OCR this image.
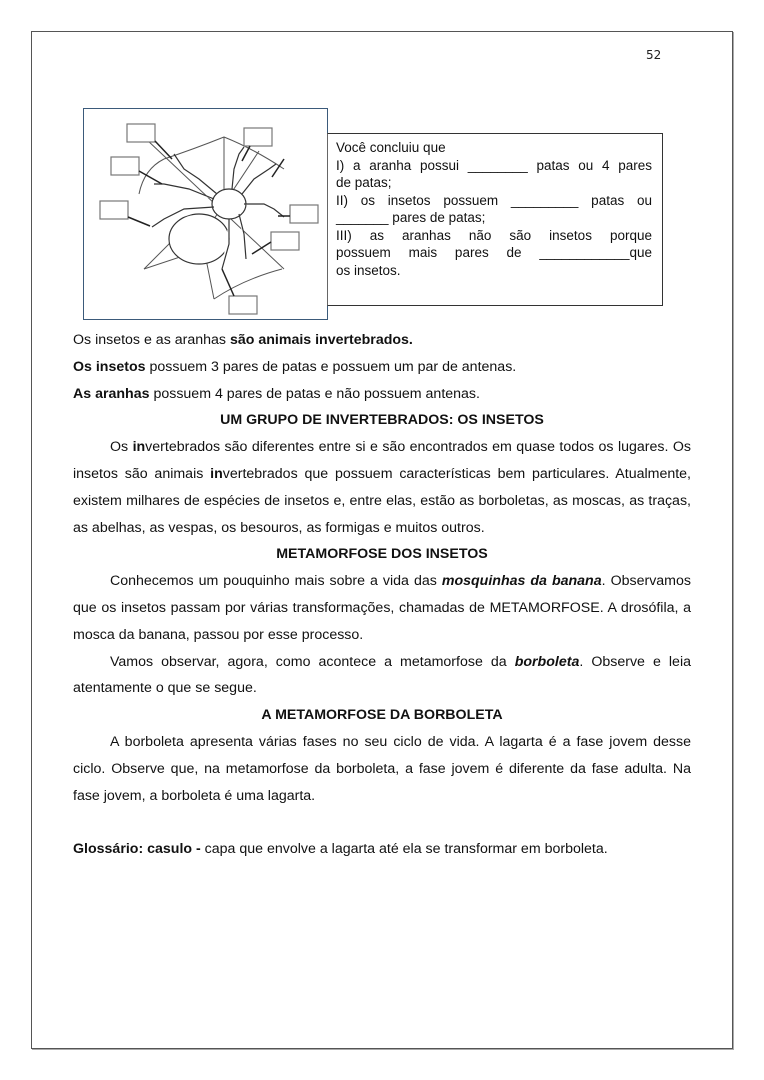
52
Você concluiu que
I) a aranha possui ________ patas ou 4 pares
de patas;
II) os insetos possuem _________ patas ou
_______ pares de patas;
III) as aranhas não são insetos porque
possuem mais pares de ____________que
os insetos.

Os insetos e as aranhas são animais invertebrados.

Os insetos possuem 3 pares de patas e possuem um par de antenas.

As aranhas possuem 4 pares de patas e não possuem antenas.

UM GRUPO DE INVERTEBRADOS: OS INSETOS

Os invertebrados são diferentes entre si e são encontrados em quase todos os lugares. Os insetos são animais invertebrados que possuem características bem particulares. Atualmente, existem milhares de espécies de insetos e, entre elas, estão as borboletas, as moscas, as traças, as abelhas, as vespas, os besouros, as formigas e muitos outros.

METAMORFOSE DOS INSETOS

Conhecemos um pouquinho mais sobre a vida das mosquinhas da banana. Observamos que os insetos passam por várias transformações, chamadas de METAMORFOSE. A drosófila, a mosca da banana, passou por esse processo.

Vamos observar, agora, como acontece a metamorfose da borboleta. Observe e leia atentamente o que se segue.

A METAMORFOSE DA BORBOLETA

A borboleta apresenta várias fases no seu ciclo de vida. A lagarta é a fase jovem desse ciclo. Observe que, na metamorfose da borboleta, a fase jovem é diferente da fase adulta. Na fase jovem, a borboleta é uma lagarta.

Glossário: casulo - capa que envolve a lagarta até ela se transformar em borboleta.
